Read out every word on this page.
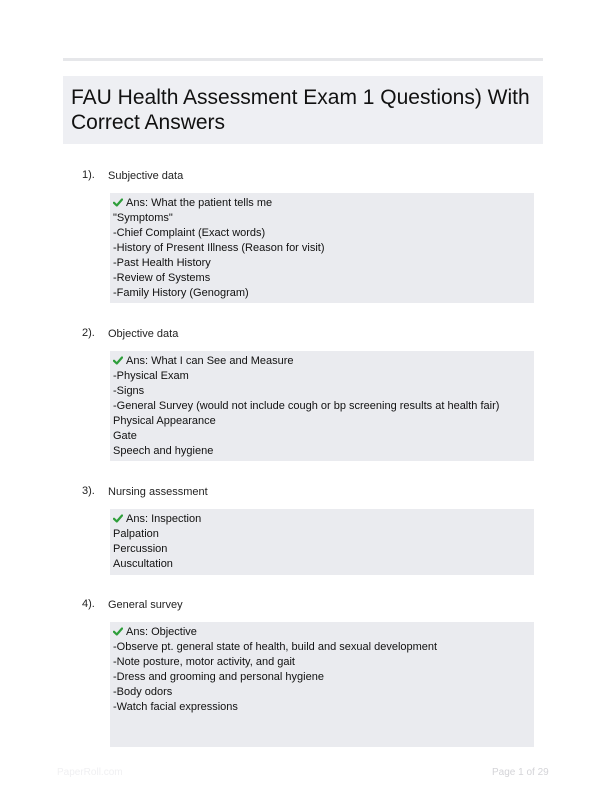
FAU Health Assessment Exam 1 Questions) With Correct Answers
1). Subjective data
Ans: What the patient tells me
"Symptoms"
-Chief Complaint (Exact words)
-History of Present Illness (Reason for visit)
-Past Health History
-Review of Systems
-Family History (Genogram)
2). Objective data
Ans: What I can See and Measure
-Physical Exam
-Signs
-General Survey (would not include cough or bp screening results at health fair)
Physical Appearance
Gate
Speech and hygiene
3). Nursing assessment
Ans: Inspection
Palpation
Percussion
Auscultation
4). General survey
Ans: Objective
-Observe pt. general state of health, build and sexual development
-Note posture, motor activity, and gait
-Dress and grooming and personal hygiene
-Body odors
-Watch facial expressions
PaperRoll.com	Page 1 of 29
